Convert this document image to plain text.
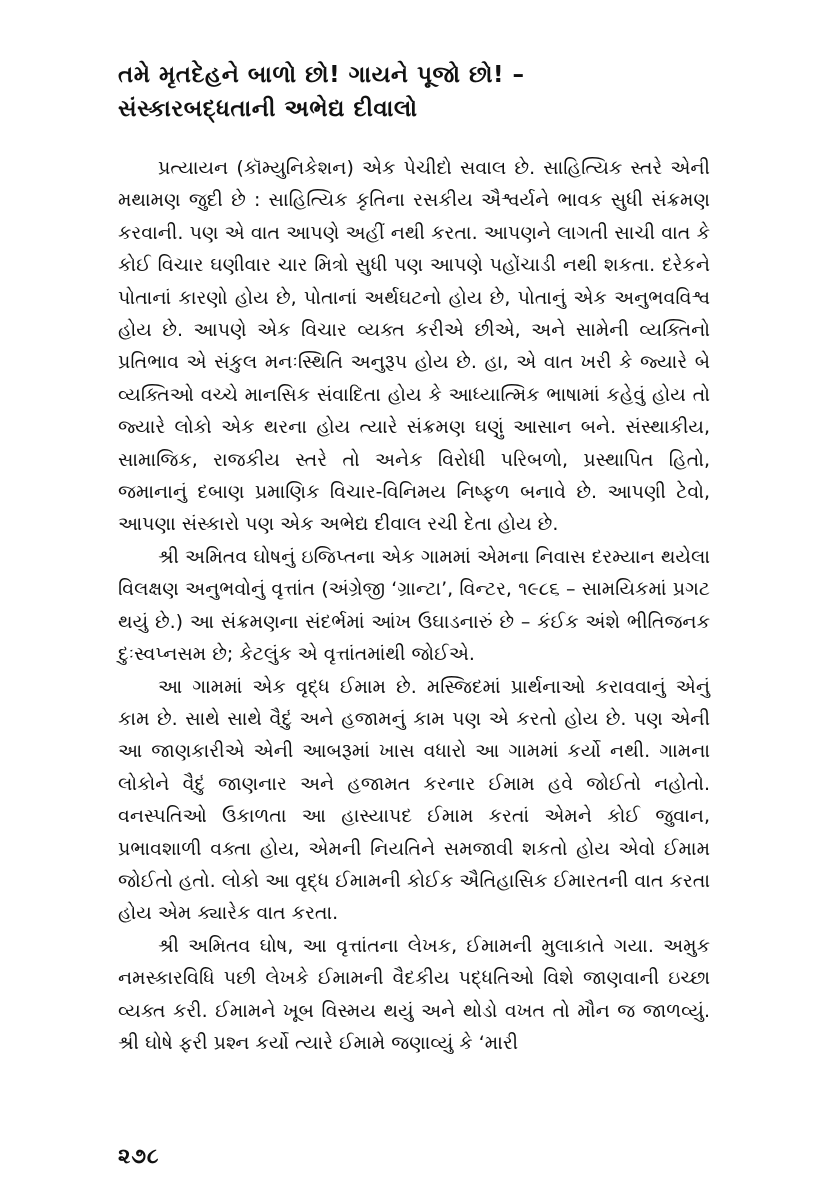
તમે મૃતદેહને બાળો છો! ગાયને પૂજો છો! –
સંસ્કારબદ્ધતાની અભેદ્ય દીવાલો

પ્રત્યાયન (કૉમ્યુનિકેશન) એક પેચીદો સવાલ છે. સાહિત્યિક સ્તરે એની મથામણ જુદી છે : સાહિત્યિક કૃતિના રસકીય ઐશ્વર્યને ભાવક સુધી સંક્રમણ કરવાની. પણ એ વાત આપણે અહીં નથી કરતા. આપણને લાગતી સાચી વાત કે કોઈ વિચાર ઘણીવાર ચાર મિત્રો સુધી પણ આપણે પહોંચાડી નથી શકતા. દરેકને પોતાનાં કારણો હોય છે, પોતાનાં અર્થઘટનો હોય છે, પોતાનું એક અનુભવવિશ્વ હોય છે. આપણે એક વિચાર વ્યક્ત કરીએ છીએ, અને સામેની વ્યક્તિનો પ્રતિભાવ એ સંકુલ મનઃસ્થિતિ અનુરૂપ હોય છે. હા, એ વાત ખરી કે જ્યારે બે વ્યક્તિઓ વચ્ચે માનસિક સંવાદિતા હોય કે આધ્યાત્મિક ભાષામાં કહેવું હોય તો જ્યારે લોકો એક થરના હોય ત્યારે સંક્રમણ ઘણું આસાન બને. સંસ્થાકીય, સામાજિક, રાજકીય સ્તરે તો અનેક વિરોધી પરિબળો, પ્રસ્થાપિત હિતો, જમાનાનું દબાણ પ્રમાણિક વિચાર-વિનિમય નિષ્ફળ બનાવે છે. આપણી ટેવો, આપણા સંસ્કારો પણ એક અભેદ્ય દીવાલ રચી દેતા હોય છે.

શ્રી અમિતવ ઘોષનું ઇજિપ્તના એક ગામમાં એમના નિવાસ દરમ્યાન થયેલા વિલક્ષણ અનુભવોનું વૃત્તાંત (અંગ્રેજી ‘ગ્રાન્ટા’, વિન્ટર, ૧૯૮૬ – સામયિકમાં પ્રગટ થયું છે.) આ સંક્રમણના સંદર્ભમાં આંખ ઉઘાડનારું છે – કંઈક અંશે ભીતિજનક દુઃસ્વપ્નસમ છે; કેટલુંક એ વૃત્તાંતમાંથી જોઈએ.

આ ગામમાં એક વૃદ્ધ ઈમામ છે. મસ્જિદમાં પ્રાર્થનાઓ કરાવવાનું એનું કામ છે. સાથે સાથે વૈદું અને હજામનું કામ પણ એ કરતો હોય છે. પણ એની આ જાણકારીએ એની આબરૂમાં ખાસ વધારો આ ગામમાં કર્યો નથી. ગામના લોકોને વૈદું જાણનાર અને હજામત કરનાર ઈમામ હવે જોઈતો નહોતો. વનસ્પતિઓ ઉકાળતા આ હાસ્યાપદ ઈમામ કરતાં એમને કોઈ જુવાન, પ્રભાવશાળી વક્તા હોય, એમની નિયતિને સમજાવી શકતો હોય એવો ઈમામ જોઈતો હતો. લોકો આ વૃદ્ધ ઈમામની કોઈક ઐતિહાસિક ઈમારતની વાત કરતા હોય એમ ક્યારેક વાત કરતા.

શ્રી અમિતવ ઘોષ, આ વૃત્તાંતના લેખક, ઈમામની મુલાકાતે ગયા. અમુક નમસ્કારવિધિ પછી લેખકે ઈમામની વૈદકીય પદ્ધતિઓ વિશે જાણવાની ઇચ્છા વ્યક્ત કરી. ઈમામને ખૂબ વિસ્મય થયું અને થોડો વખત તો મૌન જ જાળવ્યું. શ્રી ઘોષે ફરી પ્રશ્ન કર્યો ત્યારે ઈમામે જણાવ્યું કે ‘મારી

૨૭૮
